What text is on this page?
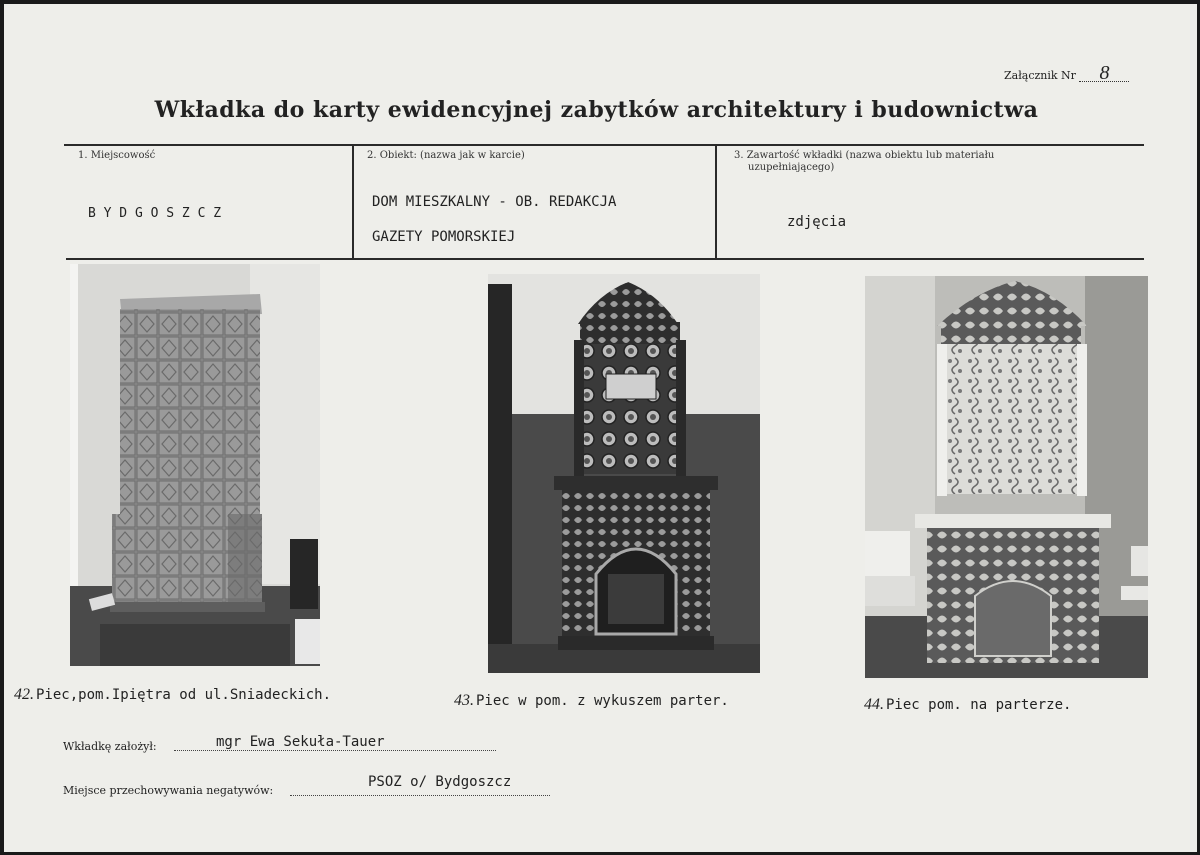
Załącznik Nr 8
Wkładka do karty ewidencyjnej zabytków architektury i budownictwa
1. Miejscowość
B Y D G O S Z C Z
2. Obiekt: (nazwa jak w karcie)
DOM MIESZKALNY - OB. REDAKCJA
GAZETY POMORSKIEJ
3. Zawartość wkładki (nazwa obiektu lub materiału
uzupełniającego)
zdjęcia
42. Piec,pom.Ipiętra od ul.Sniadeckich.	43. Piec w pom. z wykuszem parter.	44. Piec pom. na parterze.
Wkładkę założył:	mgr Ewa Sekuła-Tauer
Miejsce przechowywania negatywów:
PSOZ o/ Bydgoszcz
